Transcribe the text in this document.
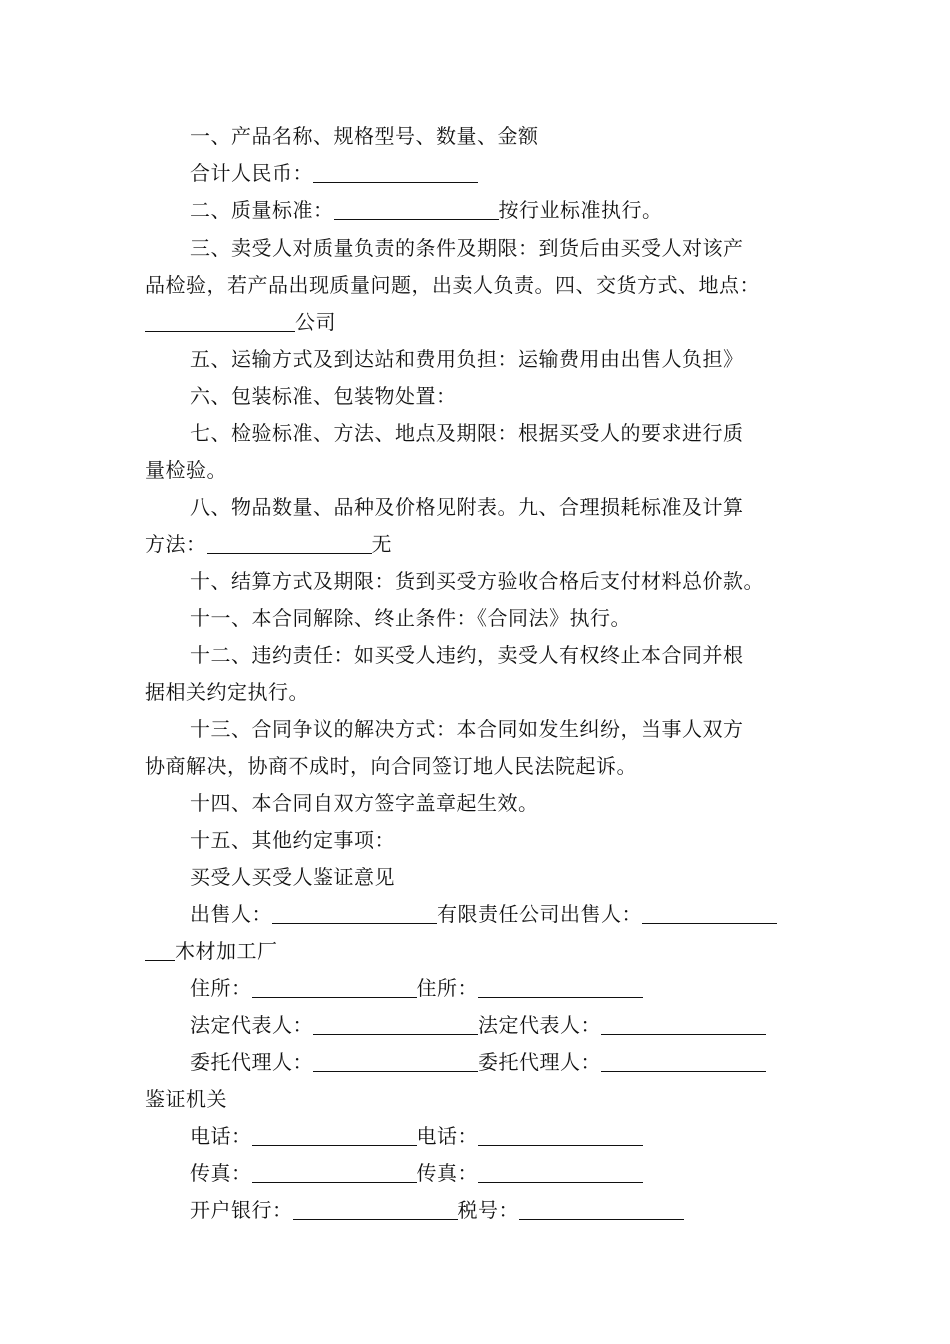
一、产品名称、规格型号、数量、金额
合计人民币：
二、质量标准：	按行业标准执行。
三、卖受人对质量负责的条件及期限：到货后由买受人对该产
品检验，若产品出现质量问题，出卖人负责。四、交货方式、地点：
公司
五、运输方式及到达站和费用负担：运输费用由出售人负担》
六、包装标准、包装物处置：
七、检验标准、方法、地点及期限：根据买受人的要求进行质
量检验。
八、物品数量、品种及价格见附表。九、合理损耗标准及计算
方法：	无
十、结算方式及期限：货到买受方验收合格后支付材料总价款。
十一、本合同解除、终止条件：《合同法》执行。
十二、违约责任：如买受人违约，卖受人有权终止本合同并根
据相关约定执行。
十三、合同争议的解决方式：本合同如发生纠纷，当事人双方
协商解决，协商不成时，向合同签订地人民法院起诉。
十四、本合同自双方签字盖章起生效。
十五、其他约定事项：
买受人买受人鉴证意见
出售人：	有限责任公司出售人：
木材加工厂
住所：	住所：
法定代表人：	法定代表人：
委托代理人：	委托代理人：
鉴证机关
电话：	电话：
传真：	传真：
开户银行：	税号：
